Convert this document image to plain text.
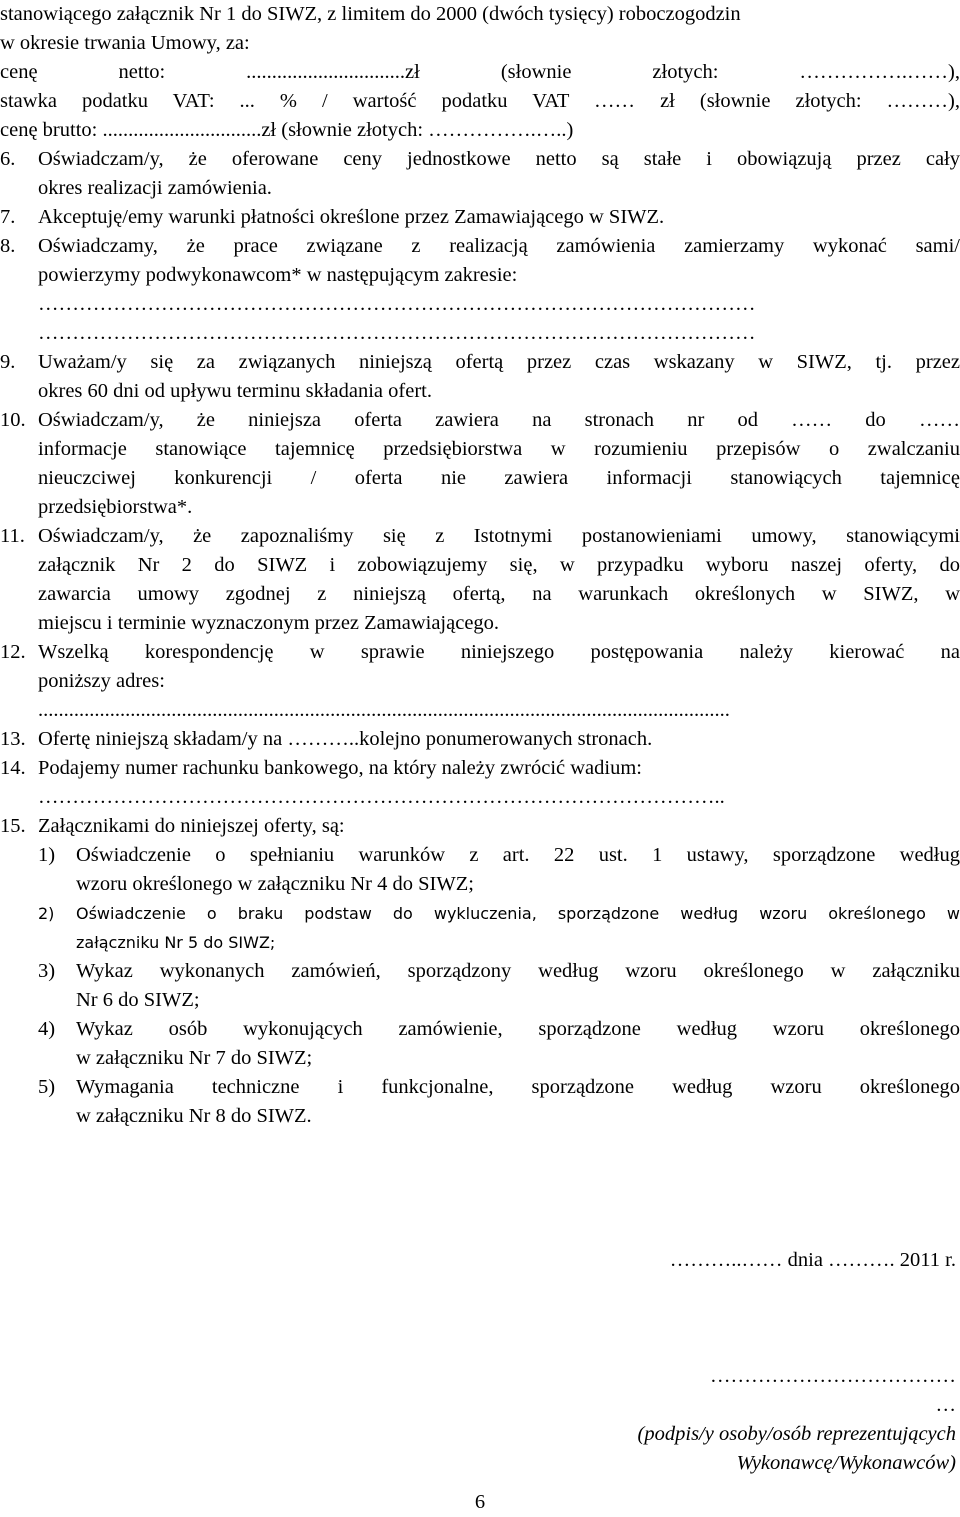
stanowiącego załącznik Nr 1 do SIWZ, z limitem do 2000 (dwóch tysięcy) roboczogodzin
w okresie trwania Umowy, za:
cenę netto: ...............................zł (słownie złotych: …………….……),
stawka podatku VAT: ... % / wartość podatku VAT …… zł (słownie złotych: ………),
cenę brutto: ...............................zł (słownie złotych: …………….…..)
6. Oświadczam/y, że oferowane ceny jednostkowe netto są stałe i obowiązują przez cały
okres realizacji zamówienia.
7. Akceptuję/emy warunki płatności określone przez Zamawiającego w SIWZ.
8. Oświadczamy, że prace związane z realizacją zamówienia zamierzamy wykonać sami/
powierzymy podwykonawcom* w następującym zakresie:
……………………………………………………………………………………………
……………………………………………………………………………………………
9. Uważam/y się za związanych niniejszą ofertą przez czas wskazany w SIWZ, tj. przez
okres 60 dni od upływu terminu składania ofert.
10. Oświadczam/y, że niniejsza oferta zawiera na stronach nr od …… do ……
informacje stanowiące tajemnicę przedsiębiorstwa w rozumieniu przepisów o zwalczaniu
nieuczciwej konkurencji / oferta nie zawiera informacji stanowiących tajemnicę
przedsiębiorstwa*.
11. Oświadczam/y, że zapoznaliśmy się z Istotnymi postanowieniami umowy, stanowiącymi
załącznik Nr 2 do SIWZ i zobowiązujemy się, w przypadku wyboru naszej oferty, do
zawarcia umowy zgodnej z niniejszą ofertą, na warunkach określonych w SIWZ, w
miejscu i terminie wyznaczonym przez Zamawiającego.
12. Wszelką korespondencję w sprawie niniejszego postępowania należy kierować na
poniższy adres:
.......................................................................................................................................
13. Ofertę niniejszą składam/y na ………..kolejno ponumerowanych stronach.
14. Podajemy numer rachunku bankowego, na który należy zwrócić wadium:
………………………………………………………………………………………..
15. Załącznikami do niniejszej oferty, są:
1) Oświadczenie o spełnianiu warunków z art. 22 ust. 1 ustawy, sporządzone według
wzoru określonego w załączniku Nr 4 do SIWZ;
2) Oświadczenie o braku podstaw do wykluczenia, sporządzone według wzoru określonego w
załączniku Nr 5 do SIWZ;
3) Wykaz wykonanych zamówień, sporządzony według wzoru określonego w załączniku
Nr 6 do SIWZ;
4) Wykaz osób wykonujących zamówienie, sporządzone według wzoru określonego
w załączniku Nr 7 do SIWZ;
5) Wymagania techniczne i funkcjonalne, sporządzone według wzoru określonego
w załączniku Nr 8 do SIWZ.
………..…… dnia ………. 2011 r.
………………………………
…
(podpis/y osoby/osób reprezentujących
Wykonawcę/Wykonawców)
6
